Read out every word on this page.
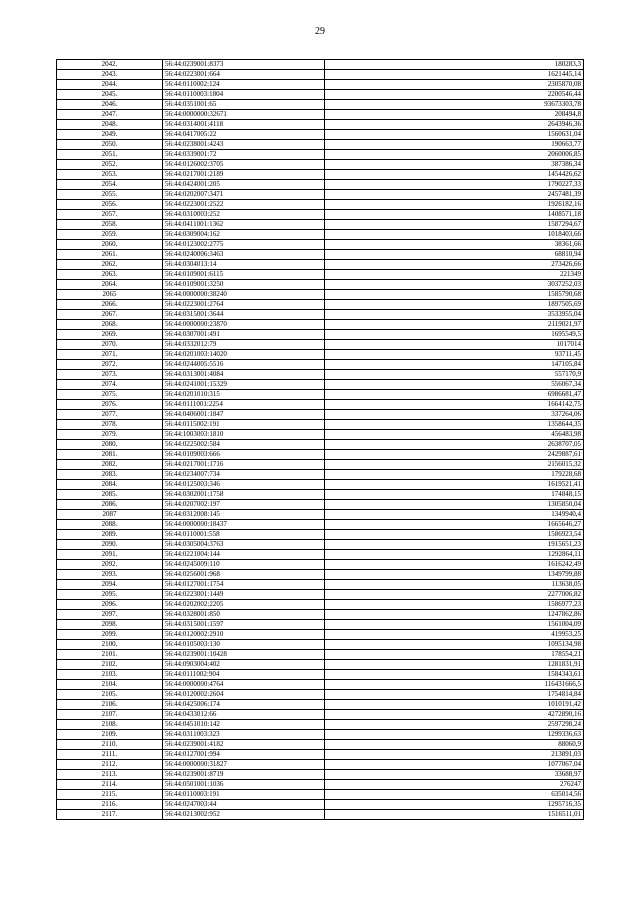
29
2042.	56:44:0239001:8373	180283,3
2043.	56:44:0223001:664	1621445,14
2044.	56:44:0110002:124	2305870,08
2045.	56:44:0110003:1804	2200546,44
2046.	56:44:0351001:65	93673303,78
2047.	56:44:0000000:32671	208494,8
2048.	56:44:0314001:4118	2643946,36
2049.	56:44:0417005:22	1560631,04
2050.	56:44:0238001:4243	190663,77
2051.	56:44:0339001:72	2060006,85
2052.	56:44:0126002:3705	387386,34
2053.	56:44:0217001:2189	1454426,62
2054.	56:44:0424001:205	1790227,33
2055.	56:44:0202007:3471	2457481,39
2056.	56:44:0223001:2522	1926182,16
2057.	56:44:0310003:252	1408571,18
2058.	56:44:0411001:1362	1587294,67
2059.	56:44:0309004:162	1018403,66
2060.	56:44:0123002:2775	38361,66
2061.	56:44:0240006:3463	68810,94
2062.	56:44:0304013:14	273426,66
2063.	56:44:0109001:6115	221349
2064.	56:44:0109001:3250	3037252,03
2065	56:44:0000000:38240	1585790,68
2066.	56:44:0223001:2764	1897505,69
2067.	56:44:0315001:3644	3533955,04
2068.	56:44:0000000:23870	2119021,97
2069.	56:44:0307001:491	1695549,5
2070.	56:44:0332012:79	1017014
2071.	56:44:0201003:14020	93711,45
2072.	56:44:0244005:5516	147105,84
2073.	56:44:0313001:4084	557170,9
2074.	56:44:0241001:15329	556067,34
2075.	56:44:0201010:315	6986681,47
2076.	56:44:0111001:2254	1664142,75
2077.	56:44:0406001:1847	337264,06
2078.	56:44:0115002:191	1358644,35
2079.	56:44:1003003:1810	456483,98
2080.	56:44:0225002:584	2638707,05
2081.	56:44:0109003:666	2429887,61
2082.	56:44:0217001:1716	2156015,32
2083.	56:44:0234007:734	179228,68
2084.	56:44:0125003:346	1619521,41
2085.	56:44:0302001:1758	174848,15
2086.	56:44:0207002:197	1305850,04
2087	56:44:0312008:145	1349940,4
2088.	56:44:0000000:18437	1665646,27
2089.	56:44:0110001:558	1586923,54
2090.	56:44:0305004:3763	1915651,23
2091.	56:44:0221004:144	1292864,11
2092.	56:44:0245009:110	1616242,49
2093.	56:44:0256001:968	1349799,88
2094.	56:44:0127001:1754	113638,05
2095.	56:44:0223001:1449	2277006,82
2096.	56:44:0202002:2205	1586977,23
2097.	56:44:0328001:850	1247862,86
2098.	56:44:0315001:1597	1561004,09
2099.	56:44:0120002:2910	419953,25
2100.	56:44:0105003:130	1095134,98
2101.	56:44:0239001:10428	178554,21
2102.	56:44:0903004:402	1281831,91
2103.	56:44:0111002:904	1584343,61
2104.	56:44:0000000:4764	116431666,5
2105.	56:44:0120002:2604	1754814,84
2106.	56:44:0425006:174	1010191,42
2107.	56:44:0433012:66	4272890,16
2108.	56:44:0451010:142	2597298,24
2109.	56:44:0311003:323	1299336,63
2110.	56:44:0239001:4182	88060,9
2111.	56:44:0127001:994	213891,03
2112.	56:44:0000000:31827	1077067,04
2113.	56:44:0239001:8719	33688,97
2114.	56:44:0501001:1036	276247
2115.	56:44:0110003:191	635014,56
2116.	56:44:0247003:44	1295716,35
2117.	56:44:0213002:952	1516511,01
